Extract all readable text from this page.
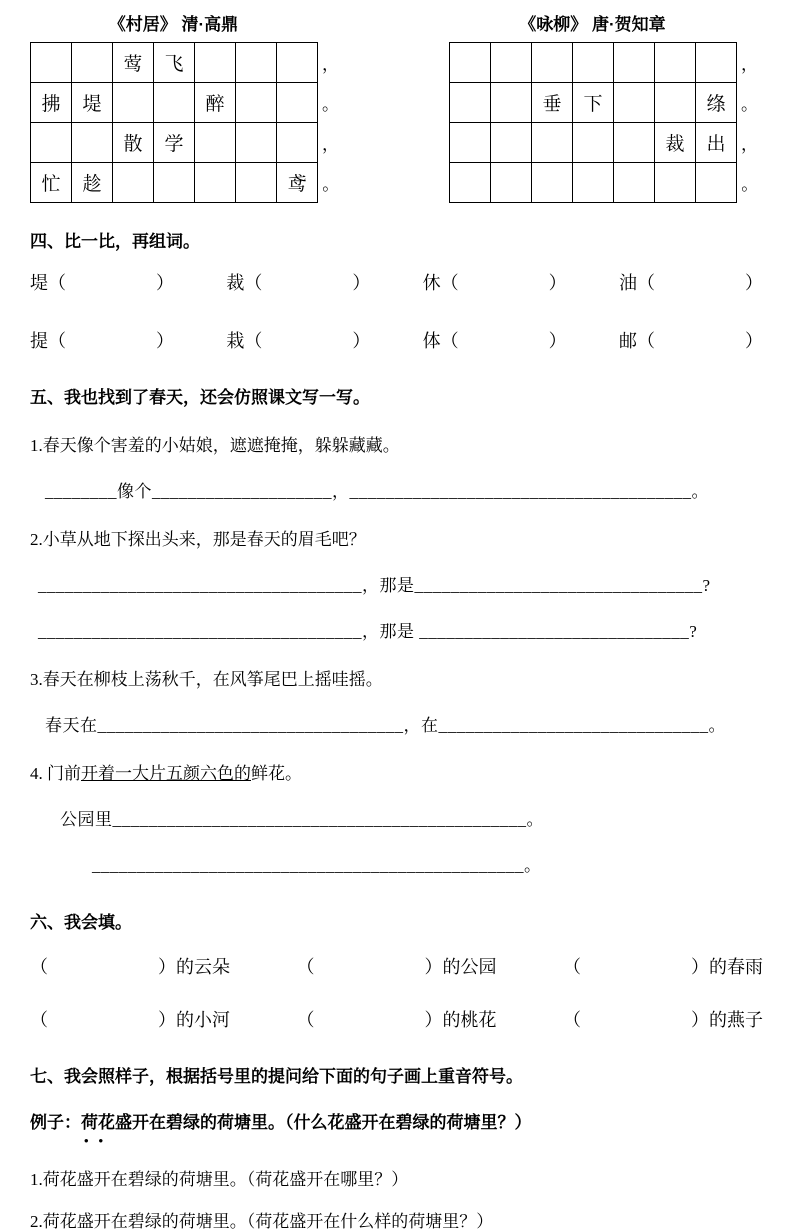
《村居》 清·高鼎
		莺	飞				，
拂	堤			醉			。
		散	学				，
忙	趁					鸢	。
《咏柳》 唐·贺知章
							，
		垂	下			绦	。
					裁	出	，
							。
四、比一比，再组词。
堤（	）	裁（	）	休（	）	油（	）
提（	）	栽（	）	体（	）	邮（	）
五、我也找到了春天，还会仿照课文写一写。
1.春天像个害羞的小姑娘，遮遮掩掩，躲躲藏藏。
________像个____________________，______________________________________。
2.小草从地下探出头来，那是春天的眉毛吧？
____________________________________，那是________________________________?
____________________________________，那是 ______________________________?
3.春天在柳枝上荡秋千，在风筝尾巴上摇哇摇。
春天在__________________________________，在______________________________。
4. 门前开着一大片五颜六色的鲜花。
公园里______________________________________________。
________________________________________________。
六、我会填。
（	）的云朵	（	）的公园	（	）的春雨
（	）的小河	（	）的桃花	（	）的燕子
七、我会照样子，根据括号里的提问给下面的句子画上重音符号。
例子：荷花盛开在碧绿的荷塘里。（什么花盛开在碧绿的荷塘里？）
••
1.荷花盛开在碧绿的荷塘里。（荷花盛开在哪里？）
2.荷花盛开在碧绿的荷塘里。（荷花盛开在什么样的荷塘里？）
